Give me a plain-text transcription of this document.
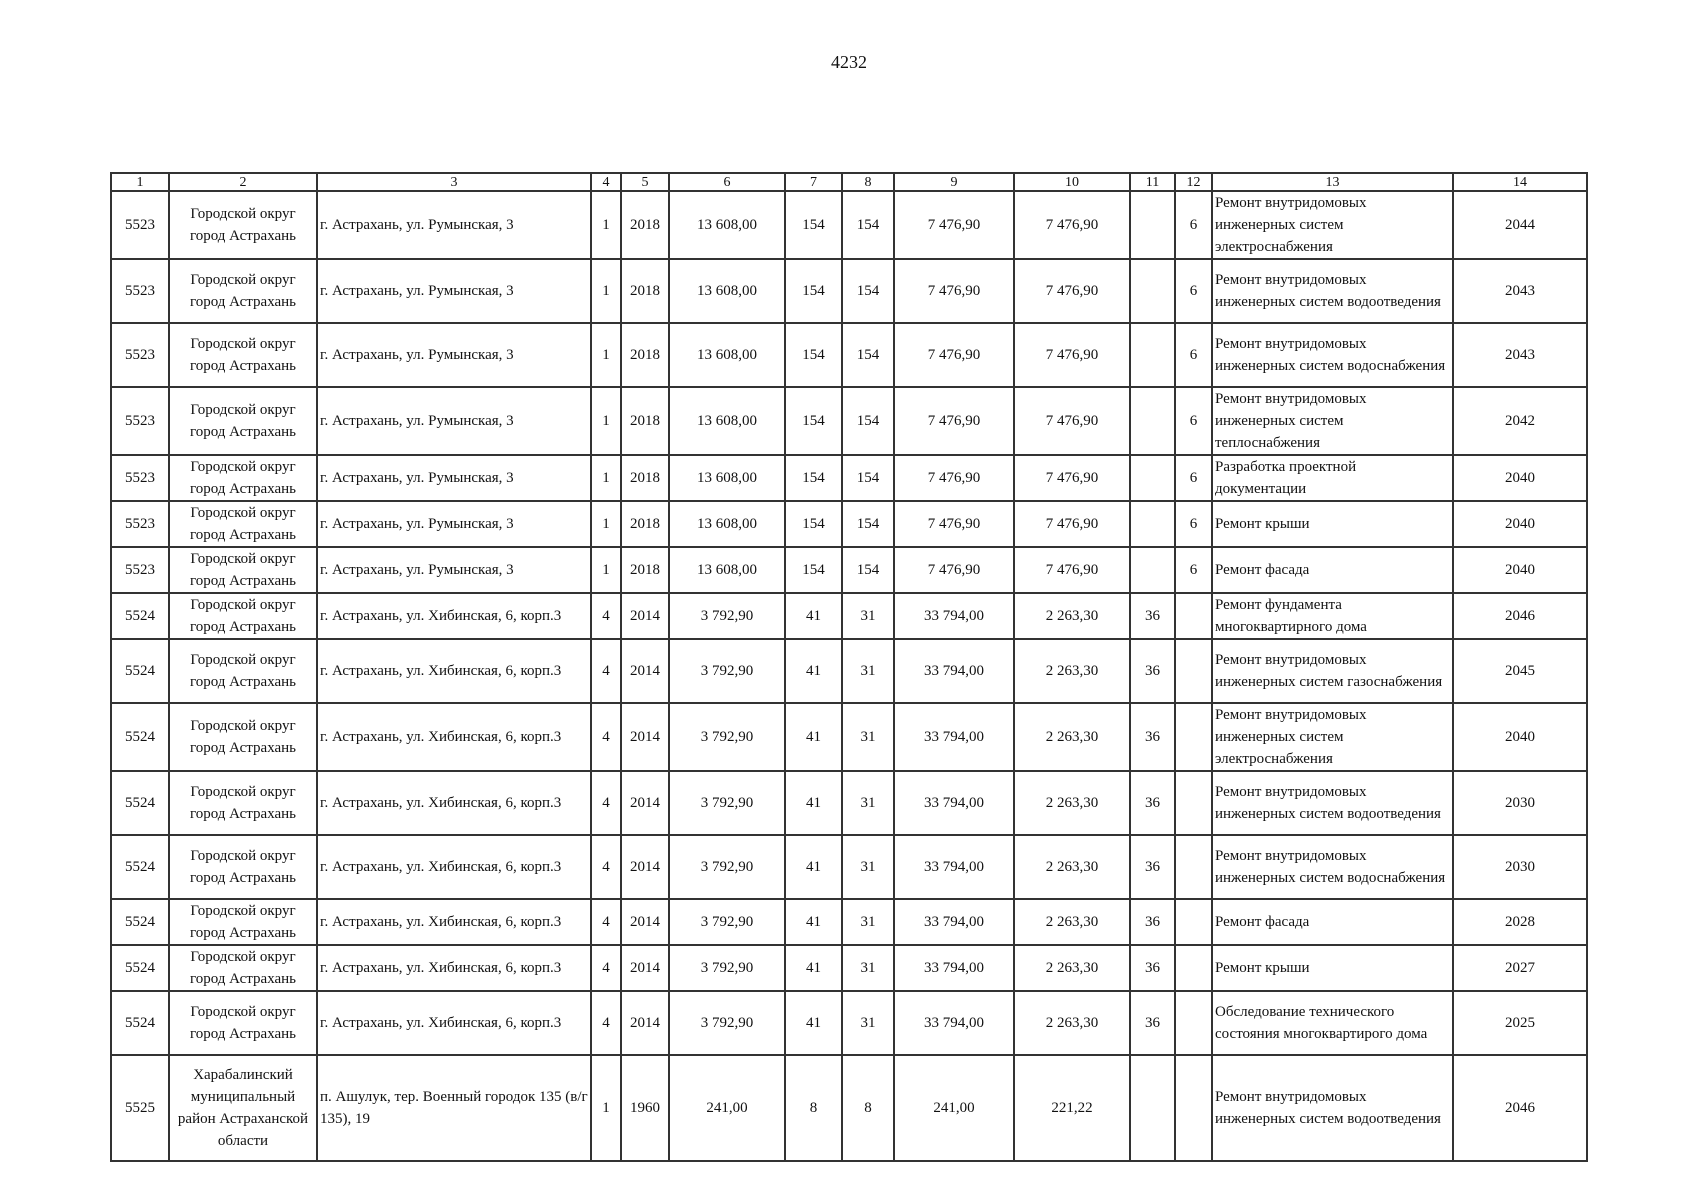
4232
1	2	3	4	5	6	7	8	9	10	11	12	13	14
5523	Городской округ город Астрахань	г. Астрахань, ул. Румынская, 3	1	2018	13 608,00	154	154	7 476,90	7 476,90		6	Ремонт внутридомовых инженерных систем электроснабжения	2044
5523	Городской округ город Астрахань	г. Астрахань, ул. Румынская, 3	1	2018	13 608,00	154	154	7 476,90	7 476,90		6	Ремонт внутридомовых инженерных систем водоотведения	2043
5523	Городской округ город Астрахань	г. Астрахань, ул. Румынская, 3	1	2018	13 608,00	154	154	7 476,90	7 476,90		6	Ремонт внутридомовых инженерных систем водоснабжения	2043
5523	Городской округ город Астрахань	г. Астрахань, ул. Румынская, 3	1	2018	13 608,00	154	154	7 476,90	7 476,90		6	Ремонт внутридомовых инженерных систем теплоснабжения	2042
5523	Городской округ город Астрахань	г. Астрахань, ул. Румынская, 3	1	2018	13 608,00	154	154	7 476,90	7 476,90		6	Разработка проектной документации	2040
5523	Городской округ город Астрахань	г. Астрахань, ул. Румынская, 3	1	2018	13 608,00	154	154	7 476,90	7 476,90		6	Ремонт крыши	2040
5523	Городской округ город Астрахань	г. Астрахань, ул. Румынская, 3	1	2018	13 608,00	154	154	7 476,90	7 476,90		6	Ремонт фасада	2040
5524	Городской округ город Астрахань	г. Астрахань, ул. Хибинская, 6, корп.3	4	2014	3 792,90	41	31	33 794,00	2 263,30	36		Ремонт фундамента многоквартирного дома	2046
5524	Городской округ город Астрахань	г. Астрахань, ул. Хибинская, 6, корп.3	4	2014	3 792,90	41	31	33 794,00	2 263,30	36		Ремонт внутридомовых инженерных систем газоснабжения	2045
5524	Городской округ город Астрахань	г. Астрахань, ул. Хибинская, 6, корп.3	4	2014	3 792,90	41	31	33 794,00	2 263,30	36		Ремонт внутридомовых инженерных систем электроснабжения	2040
5524	Городской округ город Астрахань	г. Астрахань, ул. Хибинская, 6, корп.3	4	2014	3 792,90	41	31	33 794,00	2 263,30	36		Ремонт внутридомовых инженерных систем водоотведения	2030
5524	Городской округ город Астрахань	г. Астрахань, ул. Хибинская, 6, корп.3	4	2014	3 792,90	41	31	33 794,00	2 263,30	36		Ремонт внутридомовых инженерных систем водоснабжения	2030
5524	Городской округ город Астрахань	г. Астрахань, ул. Хибинская, 6, корп.3	4	2014	3 792,90	41	31	33 794,00	2 263,30	36		Ремонт фасада	2028
5524	Городской округ город Астрахань	г. Астрахань, ул. Хибинская, 6, корп.3	4	2014	3 792,90	41	31	33 794,00	2 263,30	36		Ремонт крыши	2027
5524	Городской округ город Астрахань	г. Астрахань, ул. Хибинская, 6, корп.3	4	2014	3 792,90	41	31	33 794,00	2 263,30	36		Обследование технического состояния многоквартирого дома	2025
5525	Харабалинский муниципальный район Астраханской области	п. Ашулук, тер. Военный городок 135 (в/г 135), 19	1	1960	241,00	8	8	241,00	221,22			Ремонт внутридомовых инженерных систем водоотведения	2046
